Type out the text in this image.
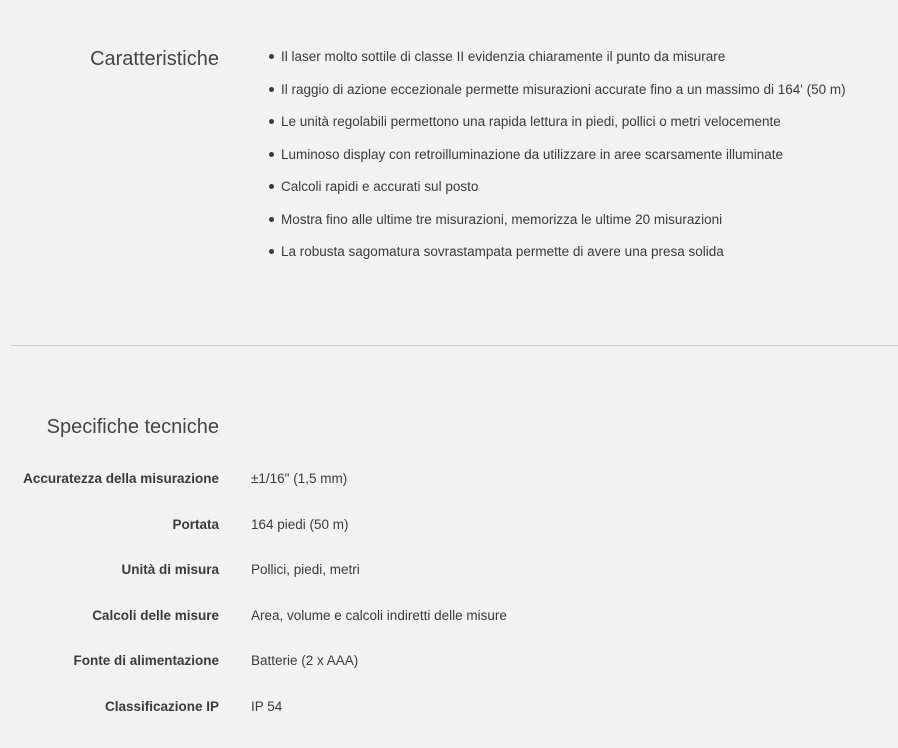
Caratteristiche	Il laser molto sottile di classe II evidenzia chiaramente il punto da misurare
Il raggio di azione eccezionale permette misurazioni accurate fino a un massimo di 164' (50 m)
Le unità regolabili permettono una rapida lettura in piedi, pollici o metri velocemente
Luminoso display con retroilluminazione da utilizzare in aree scarsamente illuminate
Calcoli rapidi e accurati sul posto
Mostra fino alle ultime tre misurazioni, memorizza le ultime 20 misurazioni
La robusta sagomatura sovrastampata permette di avere una presa solida
Specifiche tecniche
Accuratezza della misurazione ±1/16" (1,5 mm)
Portata 164 piedi (50 m)
Unità di misura Pollici, piedi, metri
Calcoli delle misure Area, volume e calcoli indiretti delle misure
Fonte di alimentazione Batterie (2 x AAA)
Classificazione IP IP 54
